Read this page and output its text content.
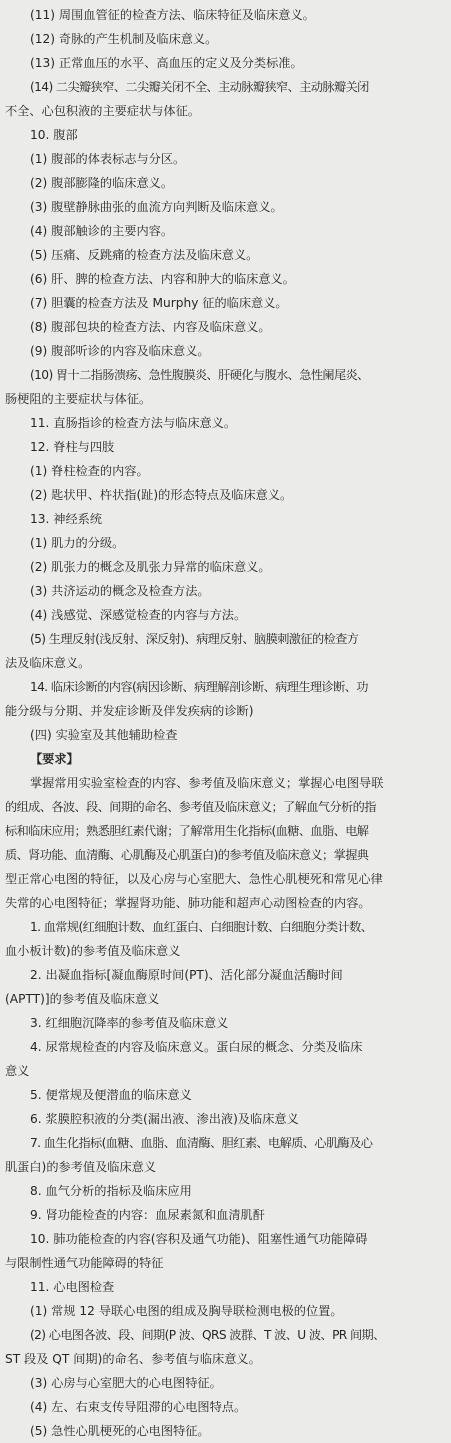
(11) 周围血管征的检查方法、临床特征及临床意义。
(12) 奇脉的产生机制及临床意义。
(13) 正常血压的水平、高血压的定义及分类标准。
(14) 二尖瓣狭窄、二尖瓣关闭不全、主动脉瓣狭窄、主动脉瓣关闭
不全、心包积液的主要症状与体征。
10. 腹部
(1) 腹部的体表标志与分区。
(2) 腹部膨隆的临床意义。
(3) 腹壁静脉曲张的血流方向判断及临床意义。
(4) 腹部触诊的主要内容。
(5) 压痛、反跳痛的检查方法及临床意义。
(6) 肝、脾的检查方法、内容和肿大的临床意义。
(7) 胆囊的检查方法及 Murphy 征的临床意义。
(8) 腹部包块的检查方法、内容及临床意义。
(9) 腹部听诊的内容及临床意义。
(10) 胃十二指肠溃疡、急性腹膜炎、肝硬化与腹水、急性阑尾炎、
肠梗阻的主要症状与体征。
11. 直肠指诊的检查方法与临床意义。
12. 脊柱与四肢
(1) 脊柱检查的内容。
(2) 匙状甲、杵状指(趾)的形态特点及临床意义。
13. 神经系统
(1) 肌力的分级。
(2) 肌张力的概念及肌张力异常的临床意义。
(3) 共济运动的概念及检查方法。
(4) 浅感觉、深感觉检查的内容与方法。
(5) 生理反射(浅反射、深反射)、病理反射、脑膜刺激征的检查方
法及临床意义。
14. 临床诊断的内容(病因诊断、病理解剖诊断、病理生理诊断、功
能分级与分期、并发症诊断及伴发疾病的诊断)
(四) 实验室及其他辅助检查
【要求】
掌握常用实验室检查的内容、参考值及临床意义；掌握心电图导联
的组成、各波、段、间期的命名、参考值及临床意义；了解血气分析的指
标和临床应用；熟悉胆红素代谢；了解常用生化指标(血糖、血脂、电解
质、肾功能、血清酶、心肌酶及心肌蛋白)的参考值及临床意义；掌握典
型正常心电图的特征，以及心房与心室肥大、急性心肌梗死和常见心律
失常的心电图特征；掌握肾功能、肺功能和超声心动图检查的内容。
1. 血常规(红细胞计数、血红蛋白、白细胞计数、白细胞分类计数、
血小板计数)的参考值及临床意义
2. 出凝血指标[凝血酶原时间(PT)、活化部分凝血活酶时间
(APTT)]的参考值及临床意义
3. 红细胞沉降率的参考值及临床意义
4. 尿常规检查的内容及临床意义。蛋白尿的概念、分类及临床
意义
5. 便常规及便潜血的临床意义
6. 浆膜腔积液的分类(漏出液、渗出液)及临床意义
7. 血生化指标(血糖、血脂、血清酶、胆红素、电解质、心肌酶及心
肌蛋白)的参考值及临床意义
8. 血气分析的指标及临床应用
9. 肾功能检查的内容：血尿素氮和血清肌酐
10. 肺功能检查的内容(容积及通气功能)、阻塞性通气功能障碍
与限制性通气功能障碍的特征
11. 心电图检查
(1) 常规 12 导联心电图的组成及胸导联检测电极的位置。
(2) 心电图各波、段、间期(P 波、QRS 波群、T 波、U 波、PR 间期、
ST 段及 QT 间期)的命名、参考值与临床意义。
(3) 心房与心室肥大的心电图特征。
(4) 左、右束支传导阻滞的心电图特点。
(5) 急性心肌梗死的心电图特征。
